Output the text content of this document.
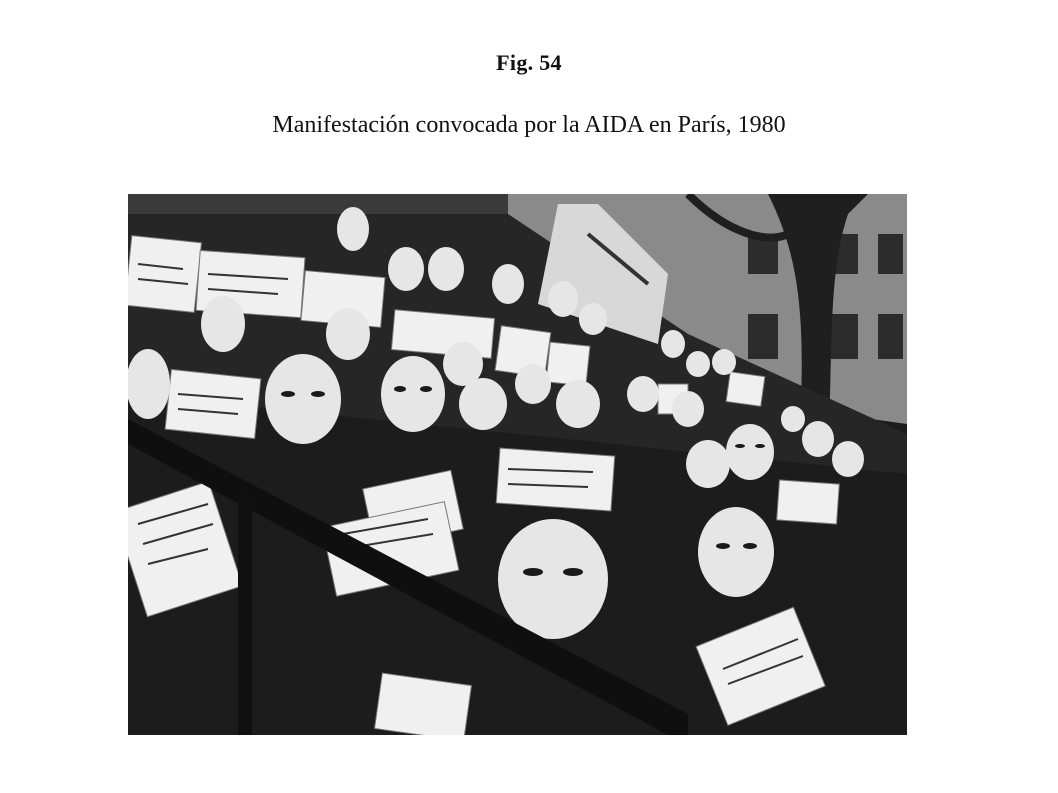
Fig. 54
Manifestación convocada por la AIDA en París, 1980
